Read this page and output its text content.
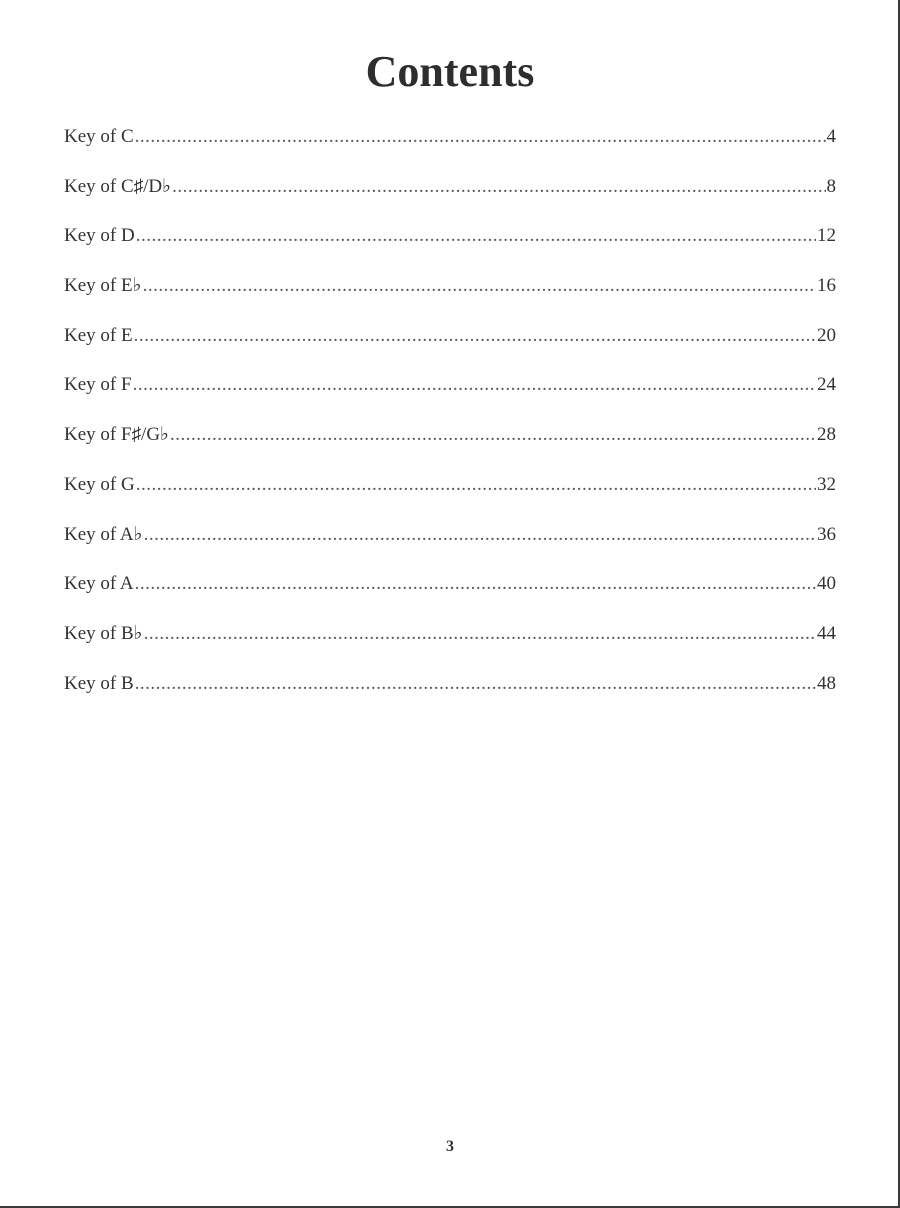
Contents
Key of C .....	4
Key of C♯/D♭ .....	8
Key of D .....	12
Key of E♭ .....	16
Key of E .....	20
Key of F .....	24
Key of F♯/G♭ .....	28
Key of G .....	32
Key of A♭ .....	36
Key of A .....	40
Key of B♭ .....	44
Key of B .....	48
3
